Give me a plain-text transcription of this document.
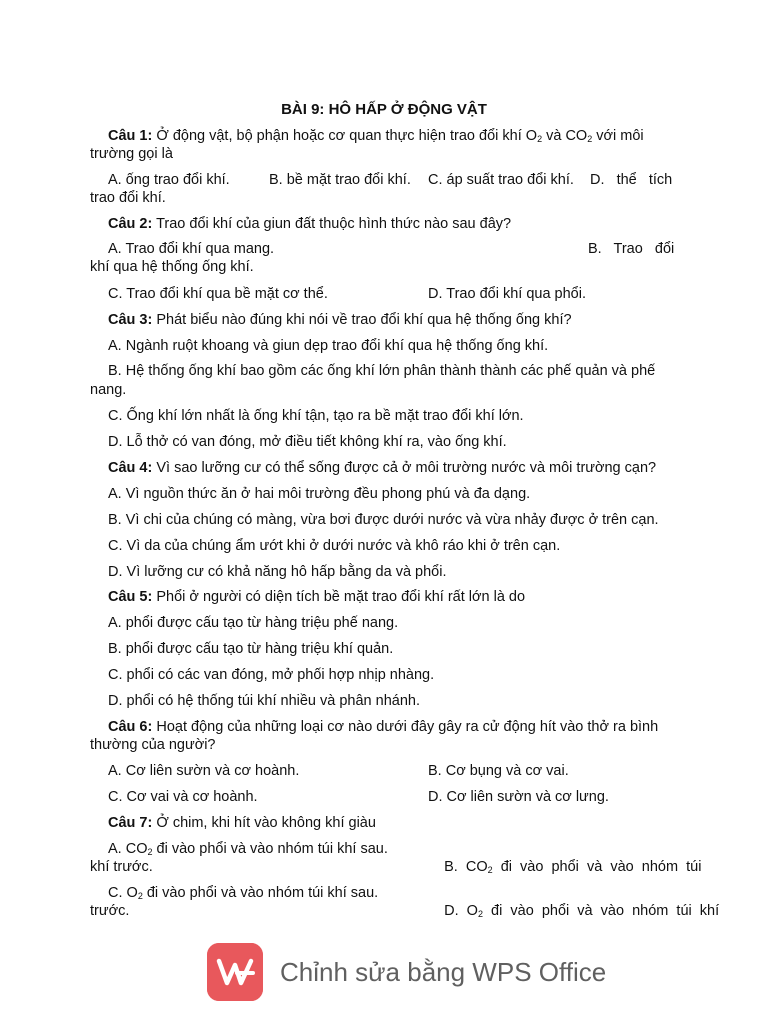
BÀI 9: HÔ HẤP Ở ĐỘNG VẬT
Câu 1: Ở động vật, bộ phận hoặc cơ quan thực hiện trao đổi khí $O_2$ và $CO_2$ với môi
trường gọi là
A. ống trao đổi khí.	B. bề mặt trao đổi khí. C. áp suất trao đổi khí. D.   thể   tích
trao đổi khí.
Câu 2: Trao đổi khí của giun đất thuộc hình thức nào sau đây?
A. Trao đổi khí qua mang.	B.   Trao   đổi
khí qua hệ thống ống khí.
C. Trao đổi khí qua bề mặt cơ thể.	D. Trao đổi khí qua phổi.
Câu 3: Phát biểu nào đúng khi nói về trao đổi khí qua hệ thống ống khí?
A. Ngành ruột khoang và giun dẹp trao đổi khí qua hệ thống ống khí.
B. Hệ thống ống khí bao gồm các ống khí lớn phân thành thành các phế quản và phế
nang.
C. Ống khí lớn nhất là ống khí tận, tạo ra bề mặt trao đổi khí lớn.
D. Lỗ thở có van đóng, mở điều tiết không khí ra, vào ống khí.
Câu 4: Vì sao lưỡng cư có thể sống được cả ở môi trường nước và môi trường cạn?
A. Vì nguồn thức ăn ở hai môi trường đều phong phú và đa dạng.
B. Vì chi của chúng có màng, vừa bơi được dưới nước và vừa nhảy được ở trên cạn.
C. Vì da của chúng ẩm ướt khi ở dưới nước và khô ráo khi ở trên cạn.
D. Vì lưỡng cư có khả năng hô hấp bằng da và phổi.
Câu 5: Phổi ở người có diện tích bề mặt trao đổi khí rất lớn là do
A. phổi được cấu tạo từ hàng triệu phế nang.
B. phổi được cấu tạo từ hàng triệu khí quản.
C. phổi có các van đóng, mở phối hợp nhịp nhàng.
D. phổi có hệ thống túi khí nhiều và phân nhánh.
Câu 6: Hoạt động của những loại cơ nào dưới đây gây ra cử động hít vào thở ra bình
thường của người?
A. Cơ liên sườn và cơ hoành.	B. Cơ bụng và cơ vai.
C. Cơ vai và cơ hoành.	D. Cơ liên sườn và cơ lưng.
Câu 7: Ở chim, khi hít vào không khí giàu
A. $CO_2$ đi vào phổi và vào nhóm túi khí sau.

B.  $CO_2$  đi  vào  phổi  và  vào  nhóm  túi

khí trước.
C. $O_2$ đi vào phổi và vào nhóm túi khí sau.

D.  $O_2$  đi  vào  phổi  và  vào  nhóm  túi  khí

trước.
Chỉnh sửa bằng WPS Office
